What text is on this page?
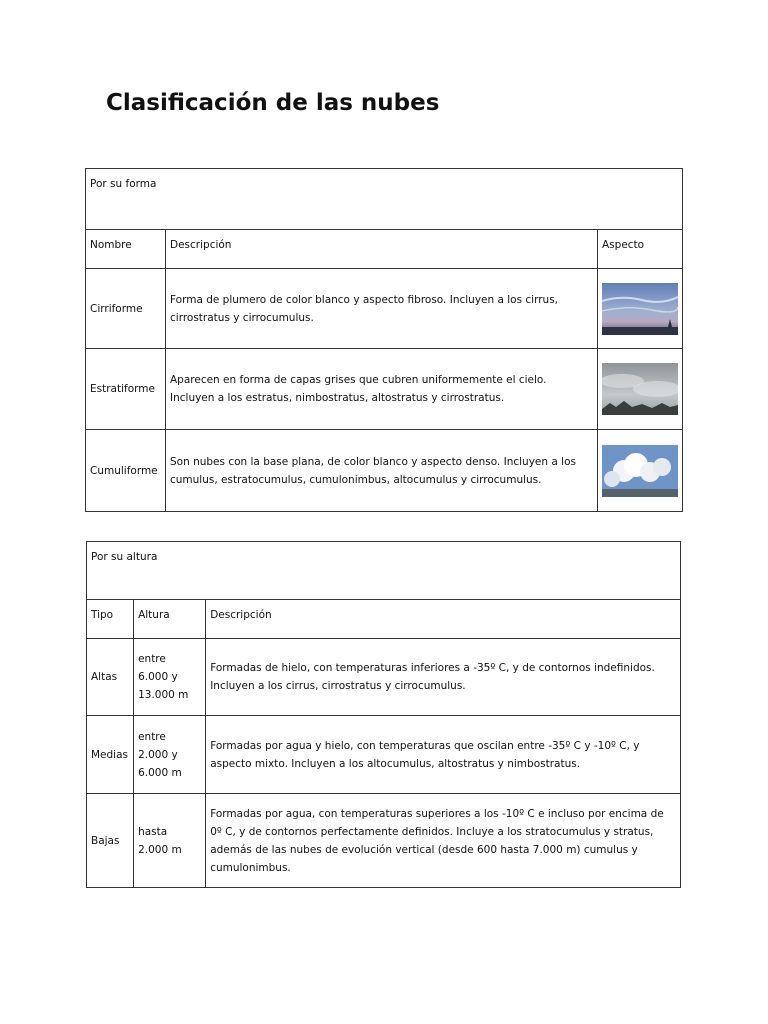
Clasificación de las nubes
Por su forma		
Nombre	Descripción	Aspecto
Cirriforme	Forma de plumero de color blanco y aspecto fibroso. Incluyen a los cirrus, cirrostratus y cirrocumulus.	

Estratiforme	Aparecen en forma de capas grises que cubren uniformemente el cielo. Incluyen a los estratus, nimbostratus, altostratus y cirrostratus.	

Cumuliforme	Son nubes con la base plana, de color blanco y aspecto denso. Incluyen a los cumulus, estratocumulus, cumulonimbus, altocumulus y cirrocumulus.	
Por su altura		
Tipo	Altura	Descripción
Altas	entre
6.000 y
13.000 m	Formadas de hielo, con temperaturas inferiores a -35º C, y de contornos indefinidos. Incluyen a los cirrus, cirrostratus y cirrocumulus.
Medias	entre
2.000 y
6.000 m	Formadas por agua y hielo, con temperaturas que oscilan entre -35º C y -10º C, y aspecto mixto. Incluyen a los altocumulus, altostratus y nimbostratus.
Bajas	hasta
2.000 m	Formadas por agua, con temperaturas superiores a los -10º C e incluso por encima de 0º C, y de contornos perfectamente definidos. Incluye a los stratocumulus y stratus, además de las nubes de evolución vertical (desde 600 hasta 7.000 m) cumulus y cumulonimbus.
